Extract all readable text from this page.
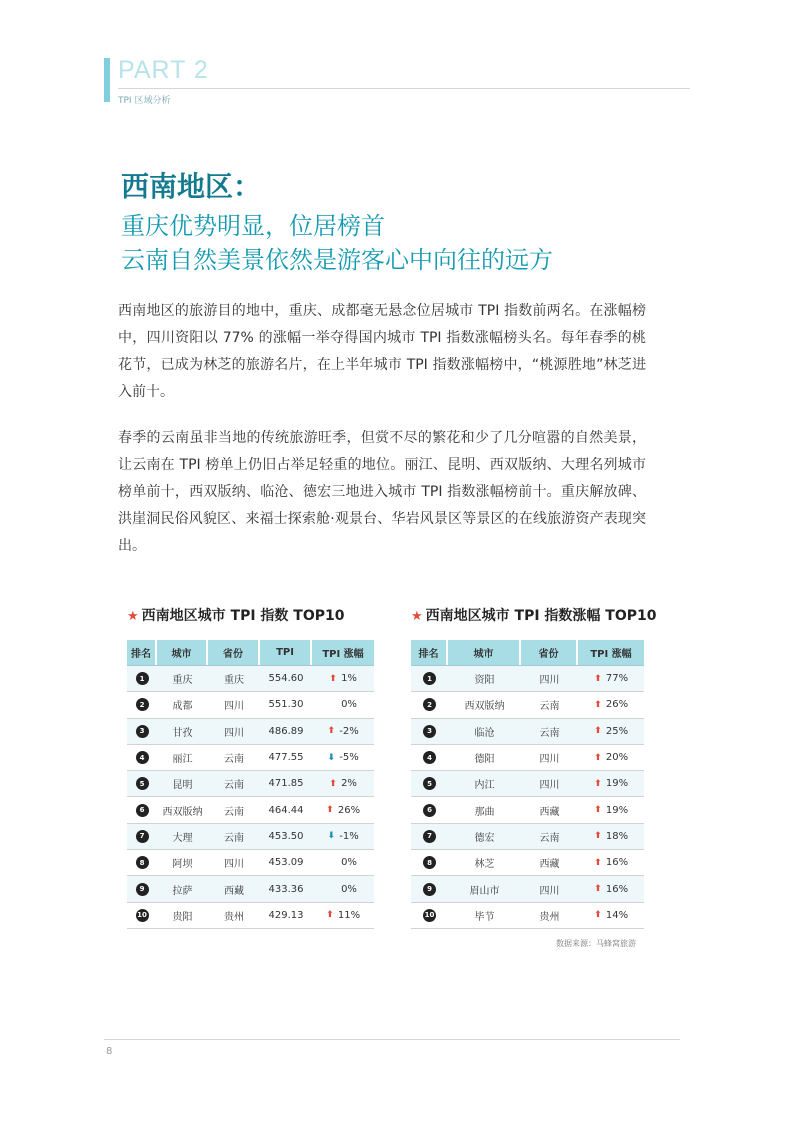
PART 2
TPI 区域分析
西南地区：
重庆优势明显，位居榜首
云南自然美景依然是游客心中向往的远方

西南地区的旅游目的地中，重庆、成都毫无悬念位居城市 TPI 指数前两名。在涨幅榜中，四川资阳以 77% 的涨幅一举夺得国内城市 TPI 指数涨幅榜头名。每年春季的桃花节，已成为林芝的旅游名片，在上半年城市 TPI 指数涨幅榜中，“桃源胜地”林芝进入前十。

春季的云南虽非当地的传统旅游旺季，但赏不尽的繁花和少了几分喧嚣的自然美景，让云南在 TPI 榜单上仍旧占举足轻重的地位。丽江、昆明、西双版纳、大理名列城市榜单前十，西双版纳、临沧、德宏三地进入城市 TPI 指数涨幅榜前十。重庆解放碑、洪崖洞民俗风貌区、来福士探索舱·观景台、华岩风景区等景区的在线旅游资产表现突出。

★ 西南地区城市 TPI 指数 TOP10	★ 西南地区城市 TPI 指数涨幅 TOP10
排名	城市	省份	TPI	TPI 涨幅
1	重庆	重庆	554.60	⬆ 1%
2	成都	四川	551.30	0%
3	甘孜	四川	486.89	⬆ -2%
4	丽江	云南	477.55	⬇ -5%
5	昆明	云南	471.85	⬆ 2%
6	西双版纳	云南	464.44	⬆ 26%
7	大理	云南	453.50	⬇ -1%
8	阿坝	四川	453.09	0%
9	拉萨	西藏	433.36	0%
10	贵阳	贵州	429.13	⬆ 11%
排名	城市	省份	TPI 涨幅
1	资阳	四川	⬆ 77%
2	西双版纳	云南	⬆ 26%
3	临沧	云南	⬆ 25%
4	德阳	四川	⬆ 20%
5	内江	四川	⬆ 19%
6	那曲	西藏	⬆ 19%
7	德宏	云南	⬆ 18%
8	林芝	西藏	⬆ 16%
9	眉山市	四川	⬆ 16%
10	毕节	贵州	⬆ 14%
数据来源：马蜂窝旅游
8
